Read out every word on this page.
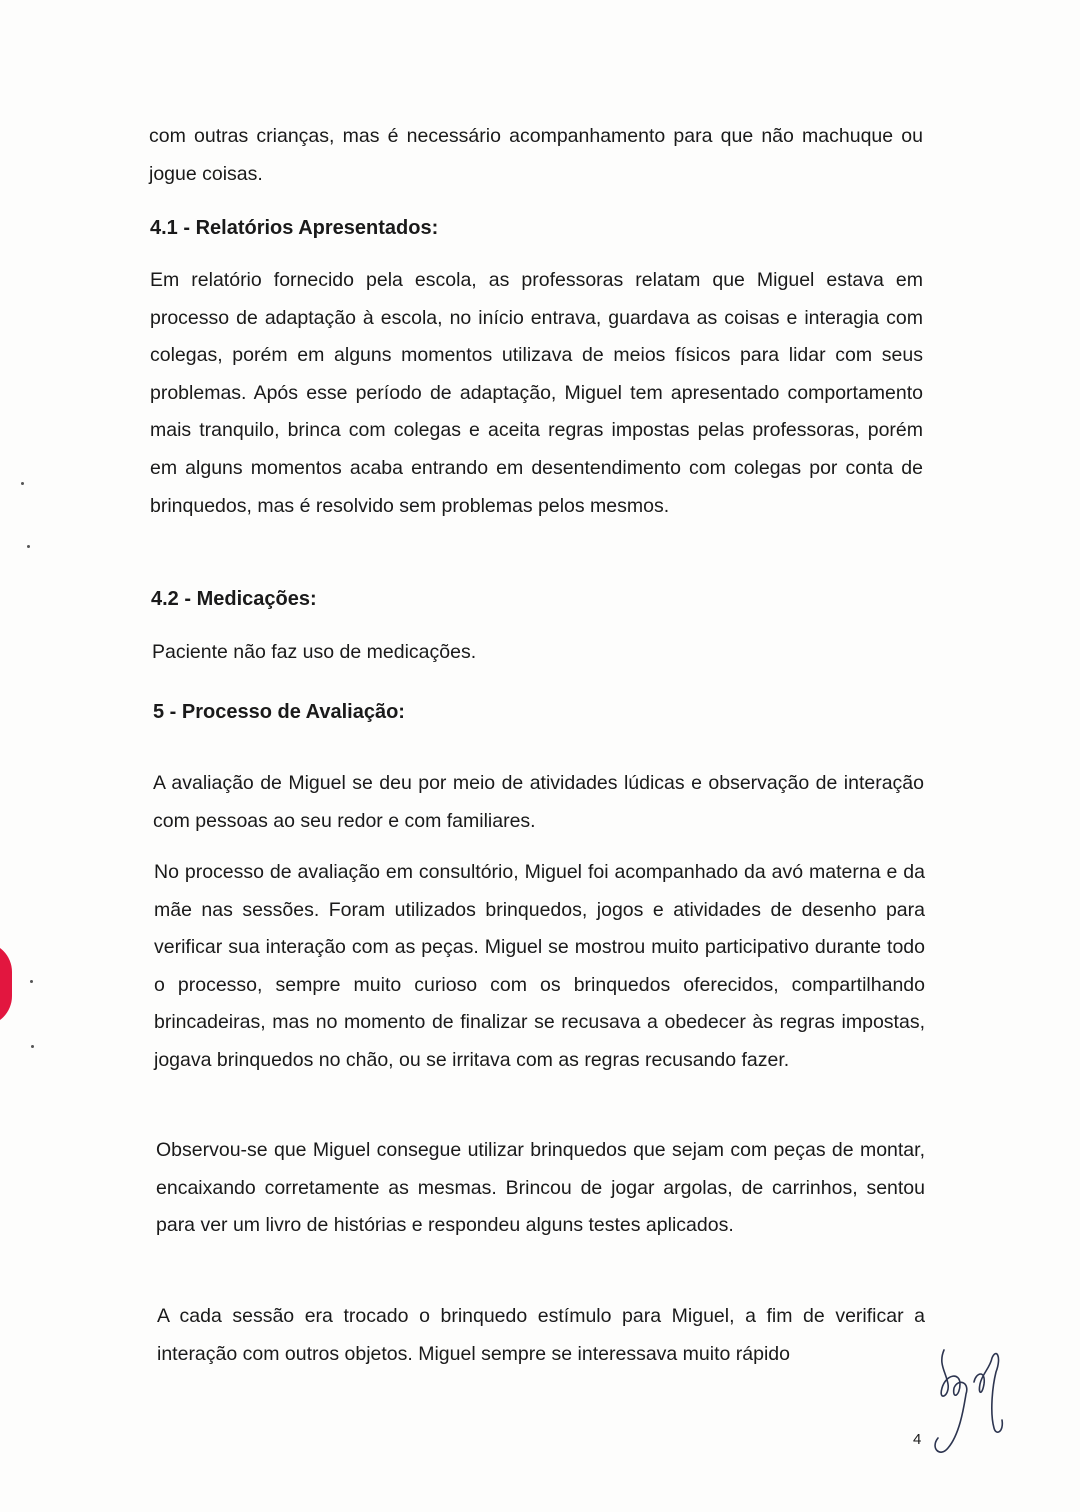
com outras crianças, mas é necessário acompanhamento para que não machuque ou jogue coisas.

4.1 - Relatórios Apresentados:

Em relatório fornecido pela escola, as professoras relatam que Miguel estava em processo de adaptação à escola, no início entrava, guardava as coisas e interagia com colegas, porém em alguns momentos utilizava de meios físicos para lidar com seus problemas. Após esse período de adaptação, Miguel tem apresentado comportamento mais tranquilo, brinca com colegas e aceita regras impostas pelas professoras, porém em alguns momentos acaba entrando em desentendimento com colegas por conta de brinquedos, mas é resolvido sem problemas pelos mesmos.

4.2 - Medicações:

Paciente não faz uso de medicações.

5 - Processo de Avaliação:

A avaliação de Miguel se deu por meio de atividades lúdicas e observação de interação com pessoas ao seu redor e com familiares.

No processo de avaliação em consultório, Miguel foi acompanhado da avó materna e da mãe nas sessões. Foram utilizados brinquedos, jogos e atividades de desenho para verificar sua interação com as peças. Miguel se mostrou muito participativo durante todo o processo, sempre muito curioso com os brinquedos oferecidos, compartilhando brincadeiras, mas no momento de finalizar se recusava a obedecer às regras impostas, jogava brinquedos no chão, ou se irritava com as regras recusando fazer.

Observou-se que Miguel consegue utilizar brinquedos que sejam com peças de montar, encaixando corretamente as mesmas. Brincou de jogar argolas, de carrinhos, sentou para ver um livro de histórias e respondeu alguns testes aplicados.

A cada sessão era trocado o brinquedo estímulo para Miguel, a fim de verificar a interação com outros objetos. Miguel sempre se interessava muito rápido

4
